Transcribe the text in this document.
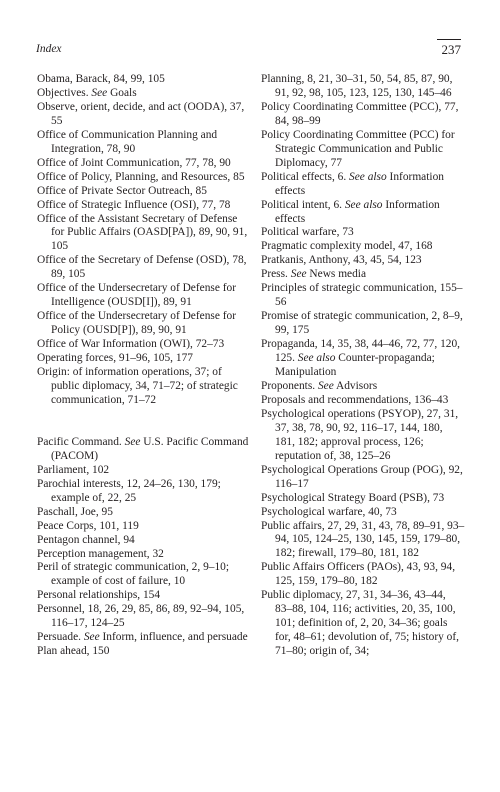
Index	237
Obama, Barack, 84, 99, 105
Objectives. See Goals
Observe, orient, decide, and act (OODA), 37, 55
Office of Communication Planning and Integration, 78, 90
Office of Joint Communication, 77, 78, 90
Office of Policy, Planning, and Resources, 85
Office of Private Sector Outreach, 85
Office of Strategic Influence (OSI), 77, 78
Office of the Assistant Secretary of Defense for Public Affairs (OASD[PA]), 89, 90, 91, 105
Office of the Secretary of Defense (OSD), 78, 89, 105
Office of the Undersecretary of Defense for Intelligence (OUSD[I]), 89, 91
Office of the Undersecretary of Defense for Policy (OUSD[P]), 89, 90, 91
Office of War Information (OWI), 72–73
Operating forces, 91–96, 105, 177
Origin: of information operations, 37; of public diplomacy, 34, 71–72; of strategic communication, 71–72
Pacific Command. See U.S. Pacific Command (PACOM)
Parliament, 102
Parochial interests, 12, 24–26, 130, 179; example of, 22, 25
Paschall, Joe, 95
Peace Corps, 101, 119
Pentagon channel, 94
Perception management, 32
Peril of strategic communication, 2, 9–10; example of cost of failure, 10
Personal relationships, 154
Personnel, 18, 26, 29, 85, 86, 89, 92–94, 105, 116–17, 124–25
Persuade. See Inform, influence, and persuade
Plan ahead, 150
Planning, 8, 21, 30–31, 50, 54, 85, 87, 90, 91, 92, 98, 105, 123, 125, 130, 145–46
Policy Coordinating Committee (PCC), 77, 84, 98–99
Policy Coordinating Committee (PCC) for Strategic Communication and Public Diplomacy, 77
Political effects, 6. See also Information effects
Political intent, 6. See also Information effects
Political warfare, 73
Pragmatic complexity model, 47, 168
Pratkanis, Anthony, 43, 45, 54, 123
Press. See News media
Principles of strategic communication, 155–56
Promise of strategic communication, 2, 8–9, 99, 175
Propaganda, 14, 35, 38, 44–46, 72, 77, 120, 125. See also Counter-propaganda; Manipulation
Proponents. See Advisors
Proposals and recommendations, 136–43
Psychological operations (PSYOP), 27, 31, 37, 38, 78, 90, 92, 116–17, 144, 180, 181, 182; approval process, 126; reputation of, 38, 125–26
Psychological Operations Group (POG), 92, 116–17
Psychological Strategy Board (PSB), 73
Psychological warfare, 40, 73
Public affairs, 27, 29, 31, 43, 78, 89–91, 93–94, 105, 124–25, 130, 145, 159, 179–80, 182; firewall, 179–80, 181, 182
Public Affairs Officers (PAOs), 43, 93, 94, 125, 159, 179–80, 182
Public diplomacy, 27, 31, 34–36, 43–44, 83–88, 104, 116; activities, 20, 35, 100, 101; definition of, 2, 20, 34–36; goals for, 48–61; devolution of, 75; history of, 71–80; origin of, 34;
